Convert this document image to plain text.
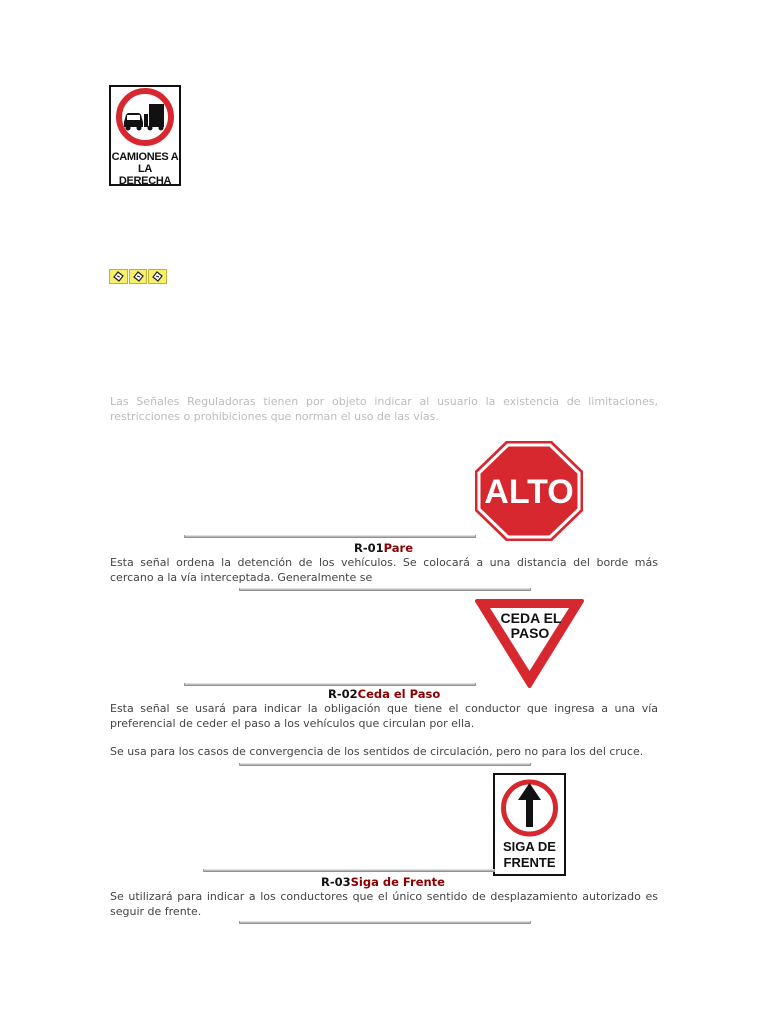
CAMIONES A
LA DERECHA
Las Señales Reguladoras tienen por objeto indicar al usuario la existencia de limitaciones, restricciones o prohibiciones que norman el uso de las vías.
ALTO
R-01Pare

Esta señal ordena la detención de los vehículos. Se colocará a una distancia del borde más cercano a la vía interceptada. Generalmente se

CEDA EL
PASO
R-02Ceda el Paso

Esta señal se usará para indicar la obligación que tiene el conductor que ingresa a una vía preferencial de ceder el paso a los vehículos que circulan por ella.

Se usa para los casos de convergencia de los sentidos de circulación, pero no para los del cruce.

SIGA DE
FRENTE
R-03Siga de Frente

Se utilizará para indicar a los conductores que el único sentido de desplazamiento autorizado es seguir de frente.
